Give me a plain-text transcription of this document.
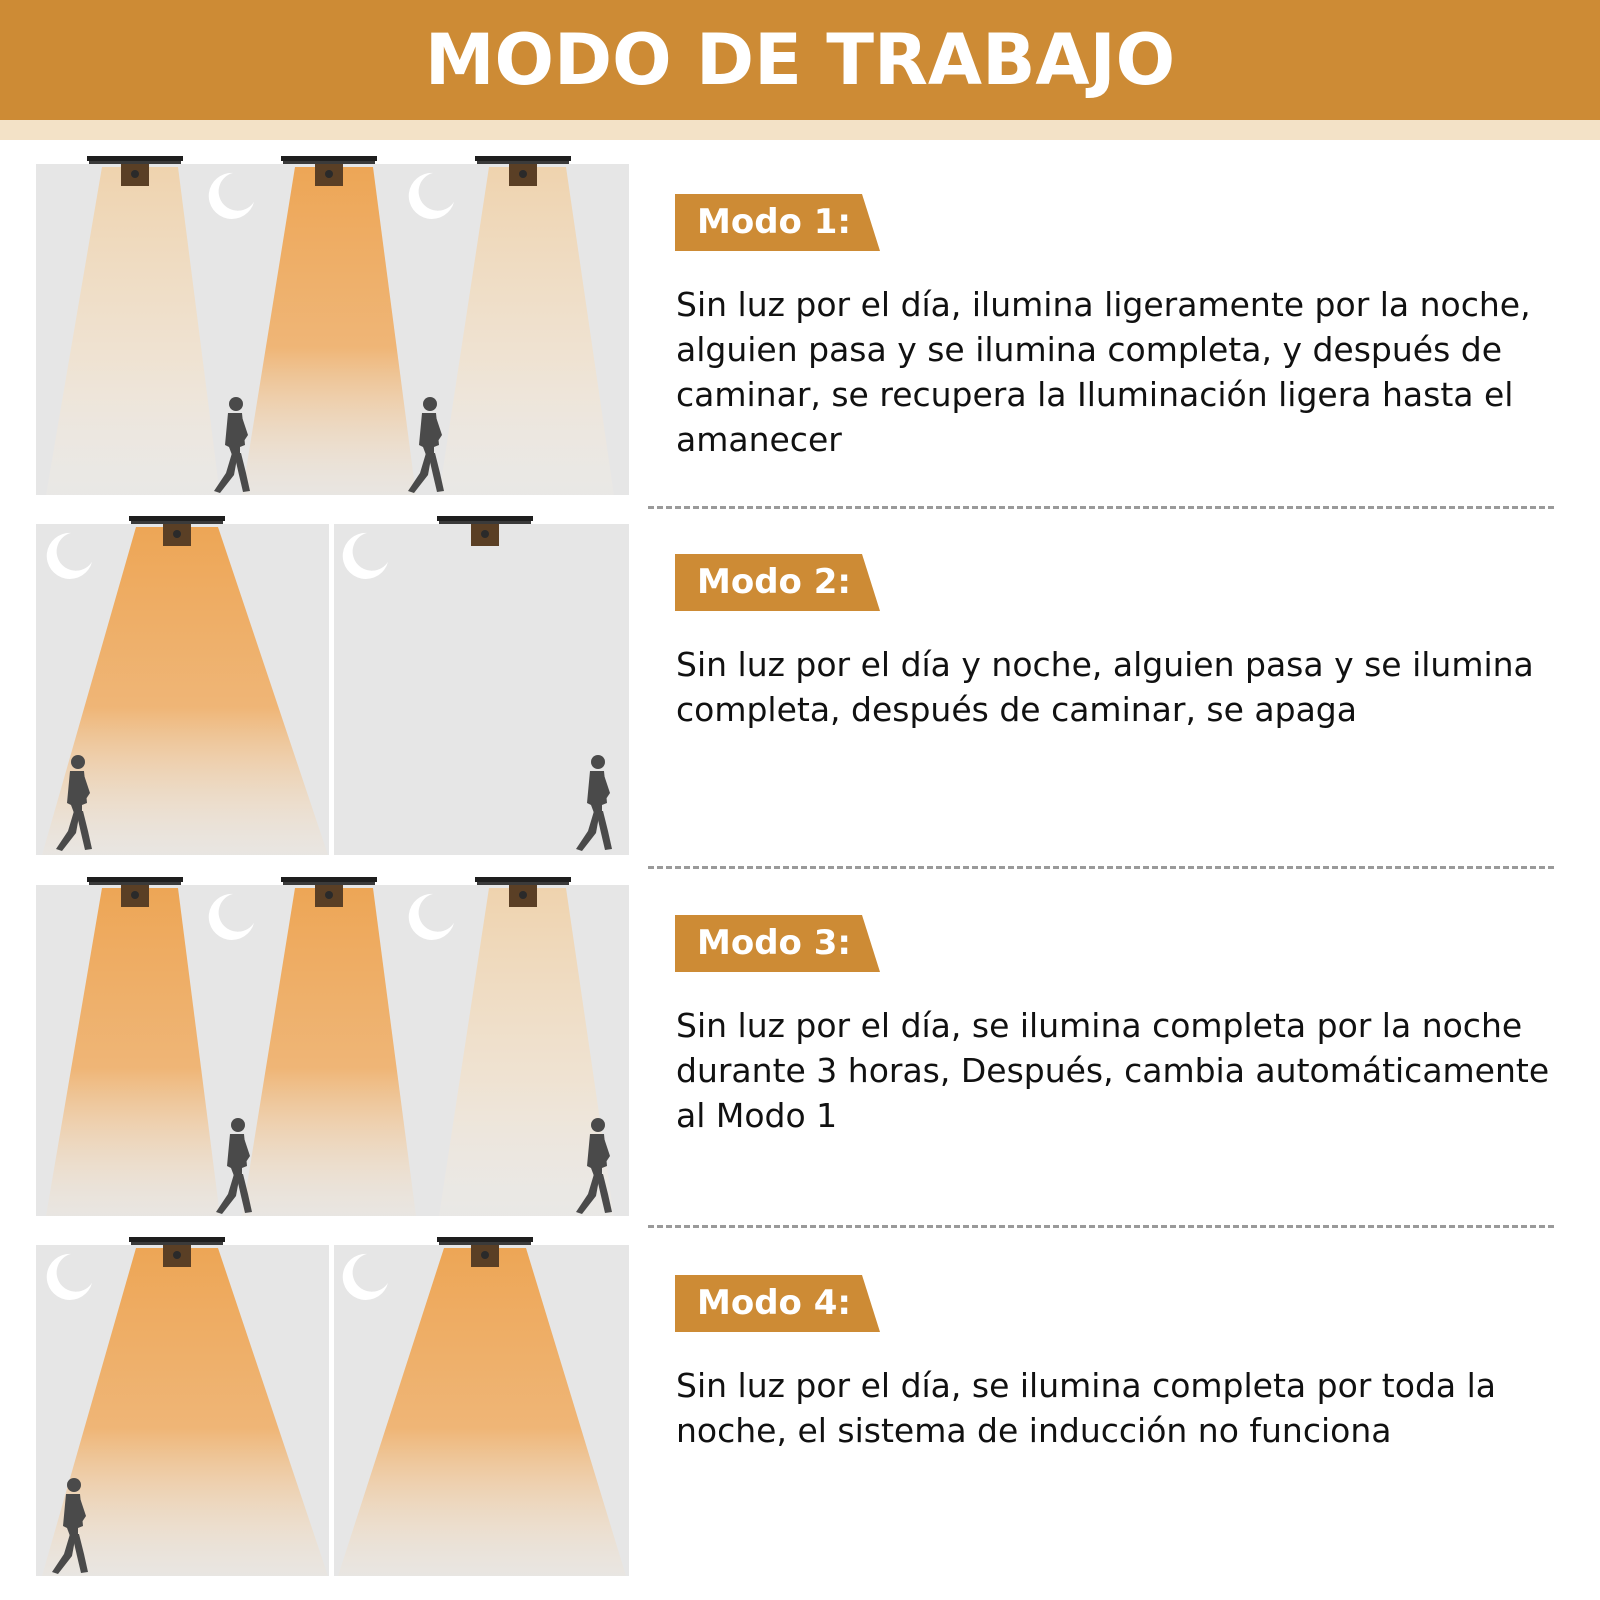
MODO DE TRABAJO
Modo 1:
Sin luz por el día, ilumina ligeramente por la noche, alguien pasa y se ilumina completa, y después de caminar, se recupera la Iluminación ligera hasta el amanecer
Modo 2:
Sin luz por el día y noche, alguien pasa y se ilumina completa, después de caminar, se apaga
Modo 3:
Sin luz por el día, se ilumina completa por la noche durante 3 horas, Después, cambia automáticamente al Modo 1
Modo 4:
Sin luz por el día, se ilumina completa por toda la noche, el sistema de inducción no funciona
